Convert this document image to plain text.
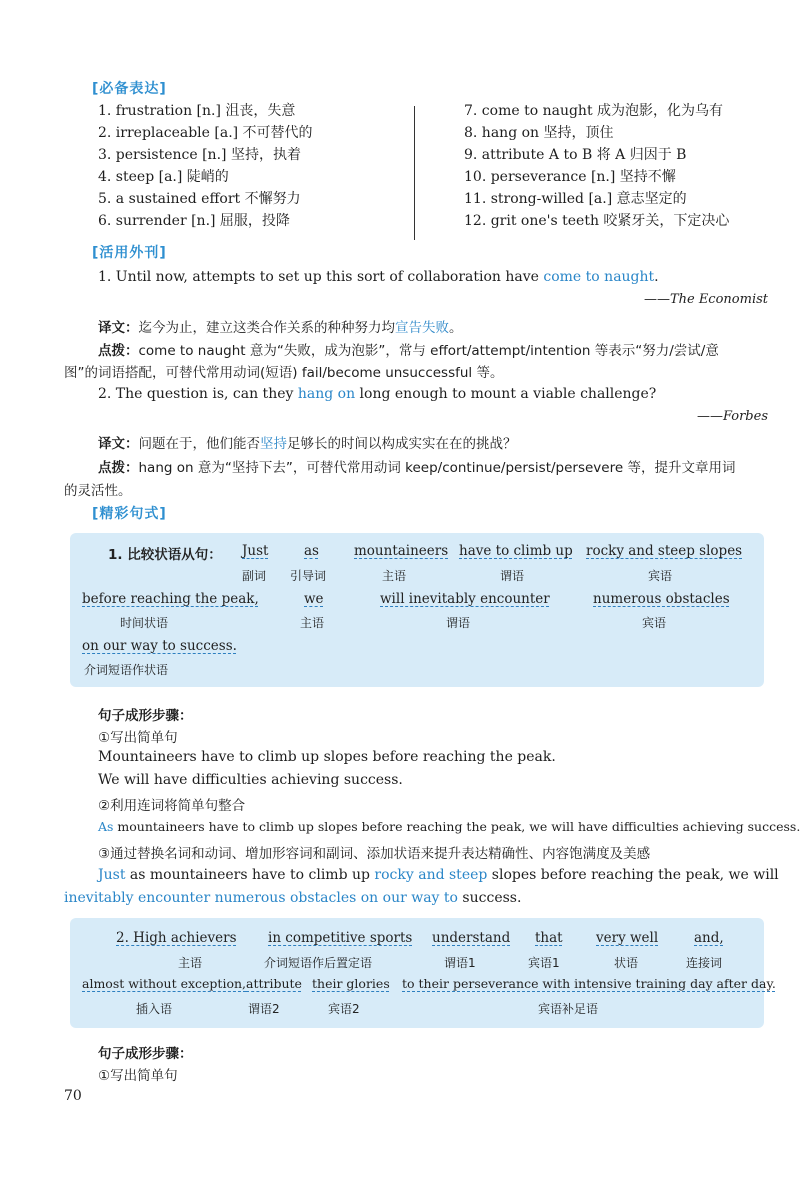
[必备表达]
1. frustration [n.] 沮丧，失意
2. irreplaceable [a.] 不可替代的
3. persistence [n.] 坚持，执着
4. steep [a.] 陡峭的
5. a sustained effort 不懈努力
6. surrender [n.] 屈服，投降
7. come to naught 成为泡影，化为乌有
8. hang on 坚持，顶住
9. attribute A to B 将 A 归因于 B
10. perseverance [n.] 坚持不懈
11. strong-willed [a.] 意志坚定的
12. grit one's teeth 咬紧牙关，下定决心
[活用外刊]
1. Until now, attempts to set up this sort of collaboration have come to naught.
——The Economist
译文：迄今为止，建立这类合作关系的种种努力均宣告失败。
点拨：come to naught 意为“失败，成为泡影”，常与 effort/attempt/intention 等表示“努力/尝试/意
图”的词语搭配，可替代常用动词(短语) fail/become unsuccessful 等。
2. The question is, can they hang on long enough to mount a viable challenge?
——Forbes
译文：问题在于，他们能否坚持足够长的时间以构成实实在在的挑战？
点拨：hang on 意为“坚持下去”，可替代常用动词 keep/continue/persist/persevere 等，提升文章用词
的灵活性。
[精彩句式]
1. 比较状语从句： Just
副词
as
引导词
mountaineers
主语
have to climb up
谓语
rocky and steep slopes
宾语
before reaching the peak,
时间状语
we
主语
will inevitably encounter
谓语
numerous obstacles
宾语
on our way to success.
介词短语作状语
句子成形步骤：
①写出简单句
Mountaineers have to climb up slopes before reaching the peak.
We will have difficulties achieving success.
②利用连词将简单句整合
As mountaineers have to climb up slopes before reaching the peak, we will have difficulties achieving success.
③通过替换名词和动词、增加形容词和副词、添加状语来提升表达精确性、内容饱满度及美感
Just as mountaineers have to climb up rocky and steep slopes before reaching the peak, we will
inevitably encounter numerous obstacles on our way to success.
2. High achievers
主语
in competitive sports
介词短语作后置定语
understand
谓语1
that
宾语1
very well
状语
and,
连接词
almost without exception,
插入语
attribute
谓语2
their glories
宾语2
to their perseverance with intensive training day after day.
宾语补足语
句子成形步骤：
①写出简单句
70
